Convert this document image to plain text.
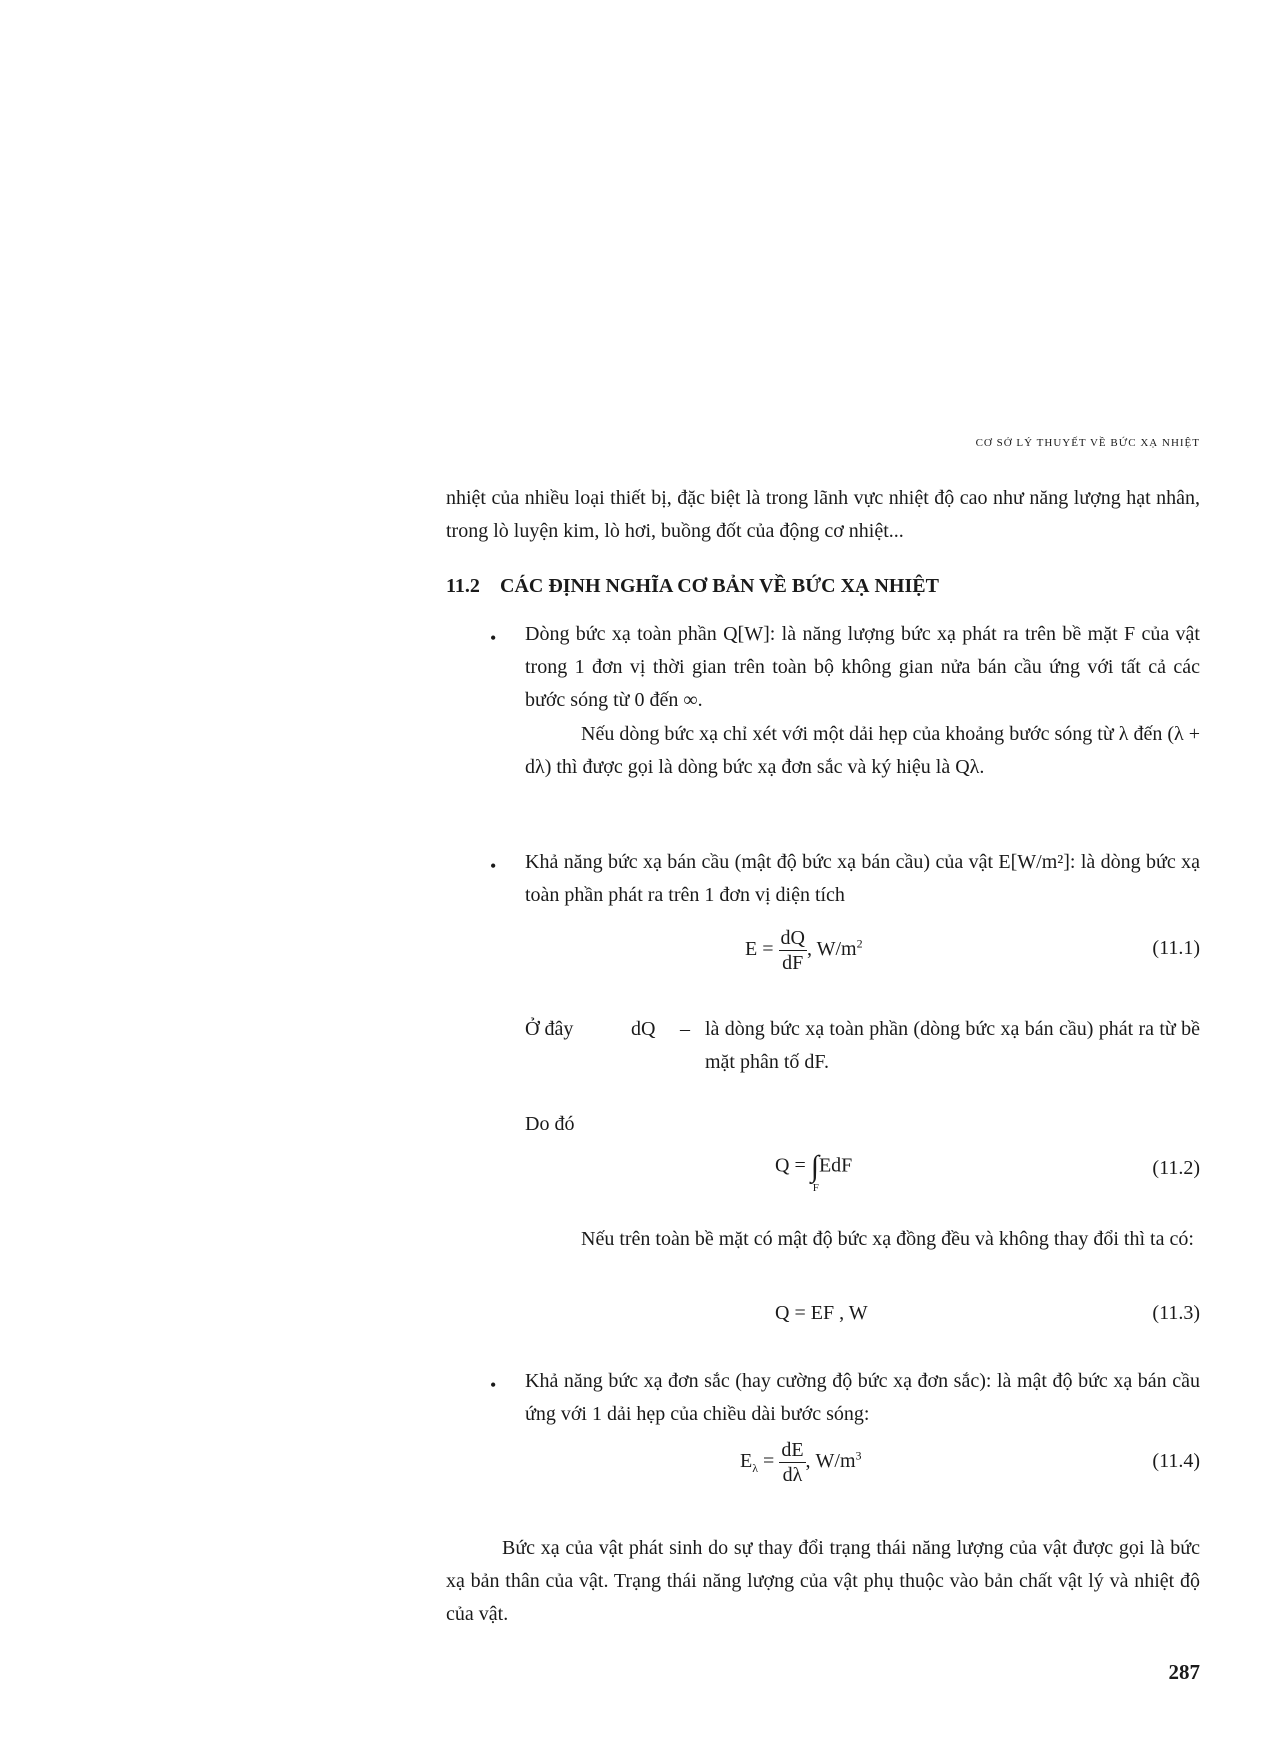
CƠ SỞ LÝ THUYẾT VỀ BỨC XẠ NHIỆT
nhiệt của nhiều loại thiết bị, đặc biệt là trong lãnh vực nhiệt độ cao như năng lượng hạt nhân, trong lò luyện kim, lò hơi, buồng đốt của động cơ nhiệt...
11.2 CÁC ĐỊNH NGHĨA CƠ BẢN VỀ BỨC XẠ NHIỆT
• Dòng bức xạ toàn phần Q[W]: là năng lượng bức xạ phát ra trên bề mặt F của vật trong 1 đơn vị thời gian trên toàn bộ không gian nửa bán cầu ứng với tất cả các bước sóng từ 0 đến ∞.
Nếu dòng bức xạ chỉ xét với một dải hẹp của khoảng bước sóng từ λ đến (λ + dλ) thì được gọi là dòng bức xạ đơn sắc và ký hiệu là Qλ.
• Khả năng bức xạ bán cầu (mật độ bức xạ bán cầu) của vật E[W/m²]: là dòng bức xạ toàn phần phát ra trên 1 đơn vị diện tích
$E = \frac{dQ}{dF}$ , $W/m^2$	(11.1)
Ở đây	dQ – là dòng bức xạ toàn phần (dòng bức xạ bán cầu) phát ra từ bề mặt phân tố dF.
Do đó
Q = ∫
F
EdF	(11.2)
Nếu trên toàn bề mặt có mật độ bức xạ đồng đều và không thay đổi thì ta có:
Q = EF , W	(11.3)
• Khả năng bức xạ đơn sắc (hay cường độ bức xạ đơn sắc): là mật độ bức xạ bán cầu ứng với 1 dải hẹp của chiều dài bước sóng:
$E_\lambda = \frac{dE}{d\lambda}$ , $W/m^3$	(11.4)
Bức xạ của vật phát sinh do sự thay đổi trạng thái năng lượng của vật được gọi là bức xạ bản thân của vật. Trạng thái năng lượng của vật phụ thuộc vào bản chất vật lý và nhiệt độ của vật.
287
